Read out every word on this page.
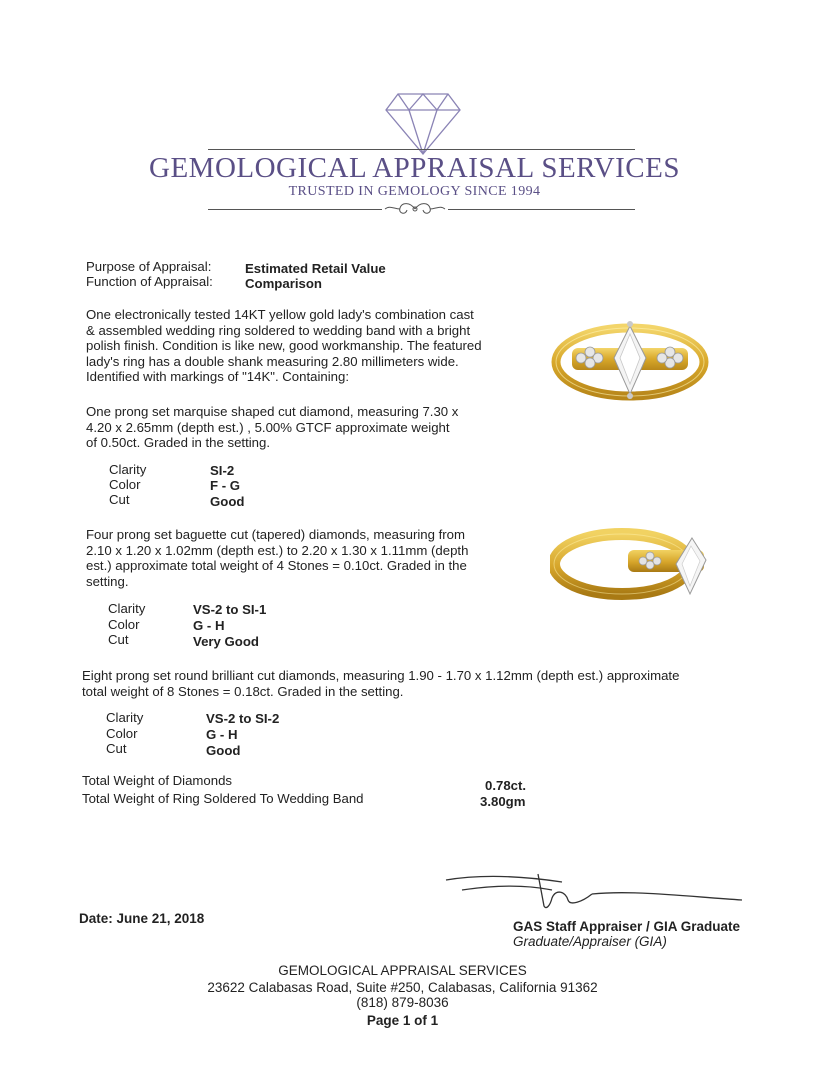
GEMOLOGICAL APPRAISAL SERVICES
TRUSTED IN GEMOLOGY SINCE 1994
Purpose of Appraisal:	Estimated Retail Value
Function of Appraisal: Comparison
One electronically tested 14KT yellow gold lady's combination cast
& assembled wedding ring soldered to wedding band with a bright
polish finish. Condition is like new, good workmanship. The featured
lady's ring has a double shank measuring 2.80 millimeters wide.
Identified with markings of "14K". Containing:
One prong set marquise shaped cut diamond, measuring 7.30 x
4.20 x 2.65mm (depth est.) , 5.00% GTCF approximate weight
of 0.50ct. Graded in the setting.
Clarity	SI-2
Color	F - G
Cut	Good
Four prong set baguette cut (tapered) diamonds, measuring from
2.10 x 1.20 x 1.02mm (depth est.) to 2.20 x 1.30 x 1.11mm (depth
est.) approximate total weight of 4 Stones = 0.10ct. Graded in the
setting.
Clarity	VS-2 to SI-1
Color	G - H
Cut	Very Good
Eight prong set round brilliant cut diamonds, measuring 1.90 - 1.70 x 1.12mm (depth est.) approximate
total weight of 8 Stones = 0.18ct. Graded in the setting.
Clarity	VS-2 to SI-2
Color	G - H
Cut	Good
Total Weight of Diamonds	0.78ct.
Total Weight of Ring Soldered To Wedding Band	3.80gm
Date: June 21, 2018
GAS Staff Appraiser / GIA Graduate
Graduate/Appraiser (GIA)
GEMOLOGICAL APPRAISAL SERVICES
23622 Calabasas Road, Suite #250, Calabasas, California 91362
(818) 879-8036
Page 1 of 1
